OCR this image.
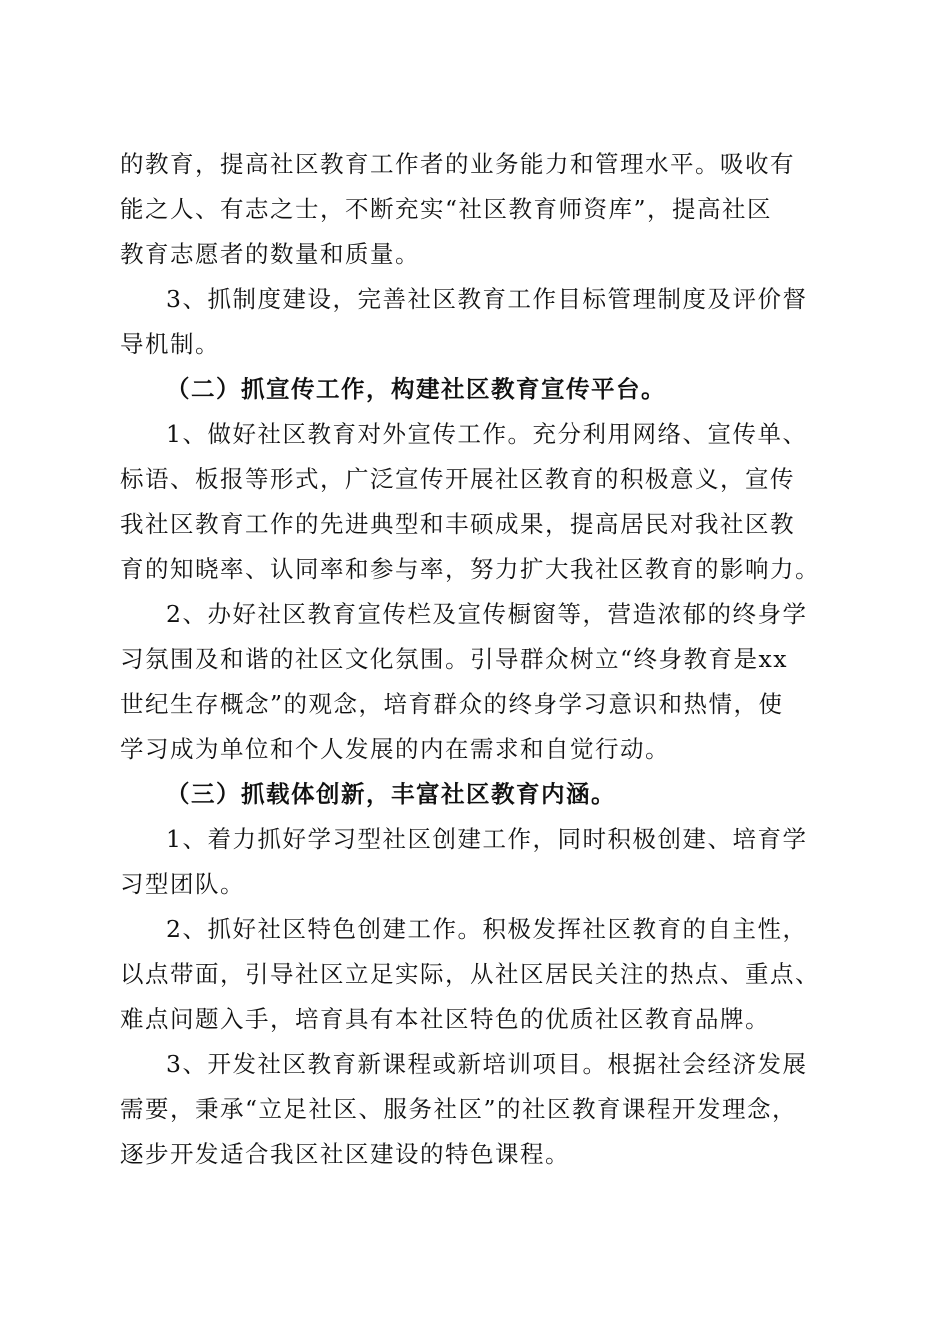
的教育，提高社区教育工作者的业务能力和管理水平。吸收有
能之人、有志之士，不断充实“社区教育师资库”，提高社区
教育志愿者的数量和质量。
3、抓制度建设，完善社区教育工作目标管理制度及评价督
导机制。
（二）抓宣传工作，构建社区教育宣传平台。
1、做好社区教育对外宣传工作。充分利用网络、宣传单、
标语、板报等形式，广泛宣传开展社区教育的积极意义，宣传
我社区教育工作的先进典型和丰硕成果，提高居民对我社区教
育的知晓率、认同率和参与率，努力扩大我社区教育的影响力。
2、办好社区教育宣传栏及宣传橱窗等，营造浓郁的终身学
习氛围及和谐的社区文化氛围。引导群众树立“终身教育是xx
世纪生存概念”的观念，培育群众的终身学习意识和热情，使
学习成为单位和个人发展的内在需求和自觉行动。
（三）抓载体创新，丰富社区教育内涵。
1、着力抓好学习型社区创建工作，同时积极创建、培育学
习型团队。
2、抓好社区特色创建工作。积极发挥社区教育的自主性，
以点带面，引导社区立足实际，从社区居民关注的热点、重点、
难点问题入手，培育具有本社区特色的优质社区教育品牌。
3、开发社区教育新课程或新培训项目。根据社会经济发展
需要，秉承“立足社区、服务社区”的社区教育课程开发理念，
逐步开发适合我区社区建设的特色课程。
